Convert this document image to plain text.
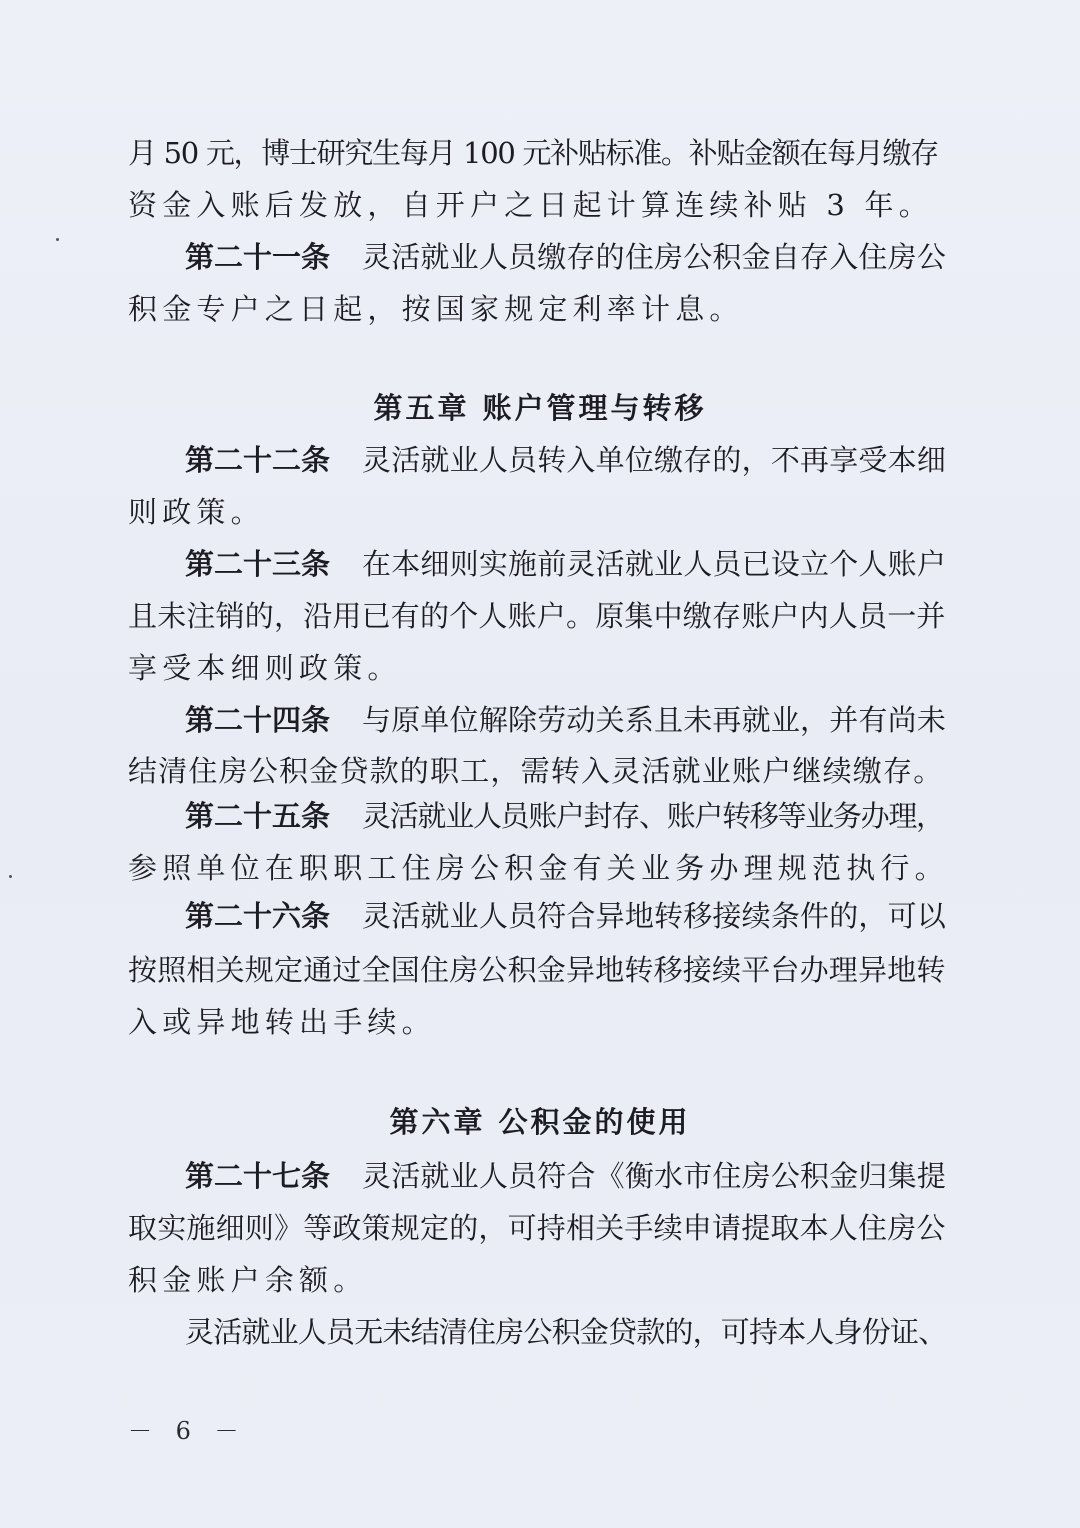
月 50 元，博士研究生每月 100 元补贴标准。补贴金额在每月缴存
资金入账后发放，自开户之日起计算连续补贴 3 年。
第二十一条 灵活就业人员缴存的住房公积金自存入住房公
积金专户之日起，按国家规定利率计息。
第五章 账户管理与转移
第二十二条 灵活就业人员转入单位缴存的，不再享受本细
则政策。
第二十三条 在本细则实施前灵活就业人员已设立个人账户
且未注销的，沿用已有的个人账户。原集中缴存账户内人员一并
享受本细则政策。
第二十四条 与原单位解除劳动关系且未再就业，并有尚未
结清住房公积金贷款的职工，需转入灵活就业账户继续缴存。
第二十五条 灵活就业人员账户封存、账户转移等业务办理，
参照单位在职职工住房公积金有关业务办理规范执行。
第二十六条 灵活就业人员符合异地转移接续条件的，可以
按照相关规定通过全国住房公积金异地转移接续平台办理异地转
入或异地转出手续。
第六章 公积金的使用
第二十七条 灵活就业人员符合《衡水市住房公积金归集提
取实施细则》等政策规定的，可持相关手续申请提取本人住房公
积金账户余额。
灵活就业人员无未结清住房公积金贷款的，可持本人身份证、
－ 6 －
